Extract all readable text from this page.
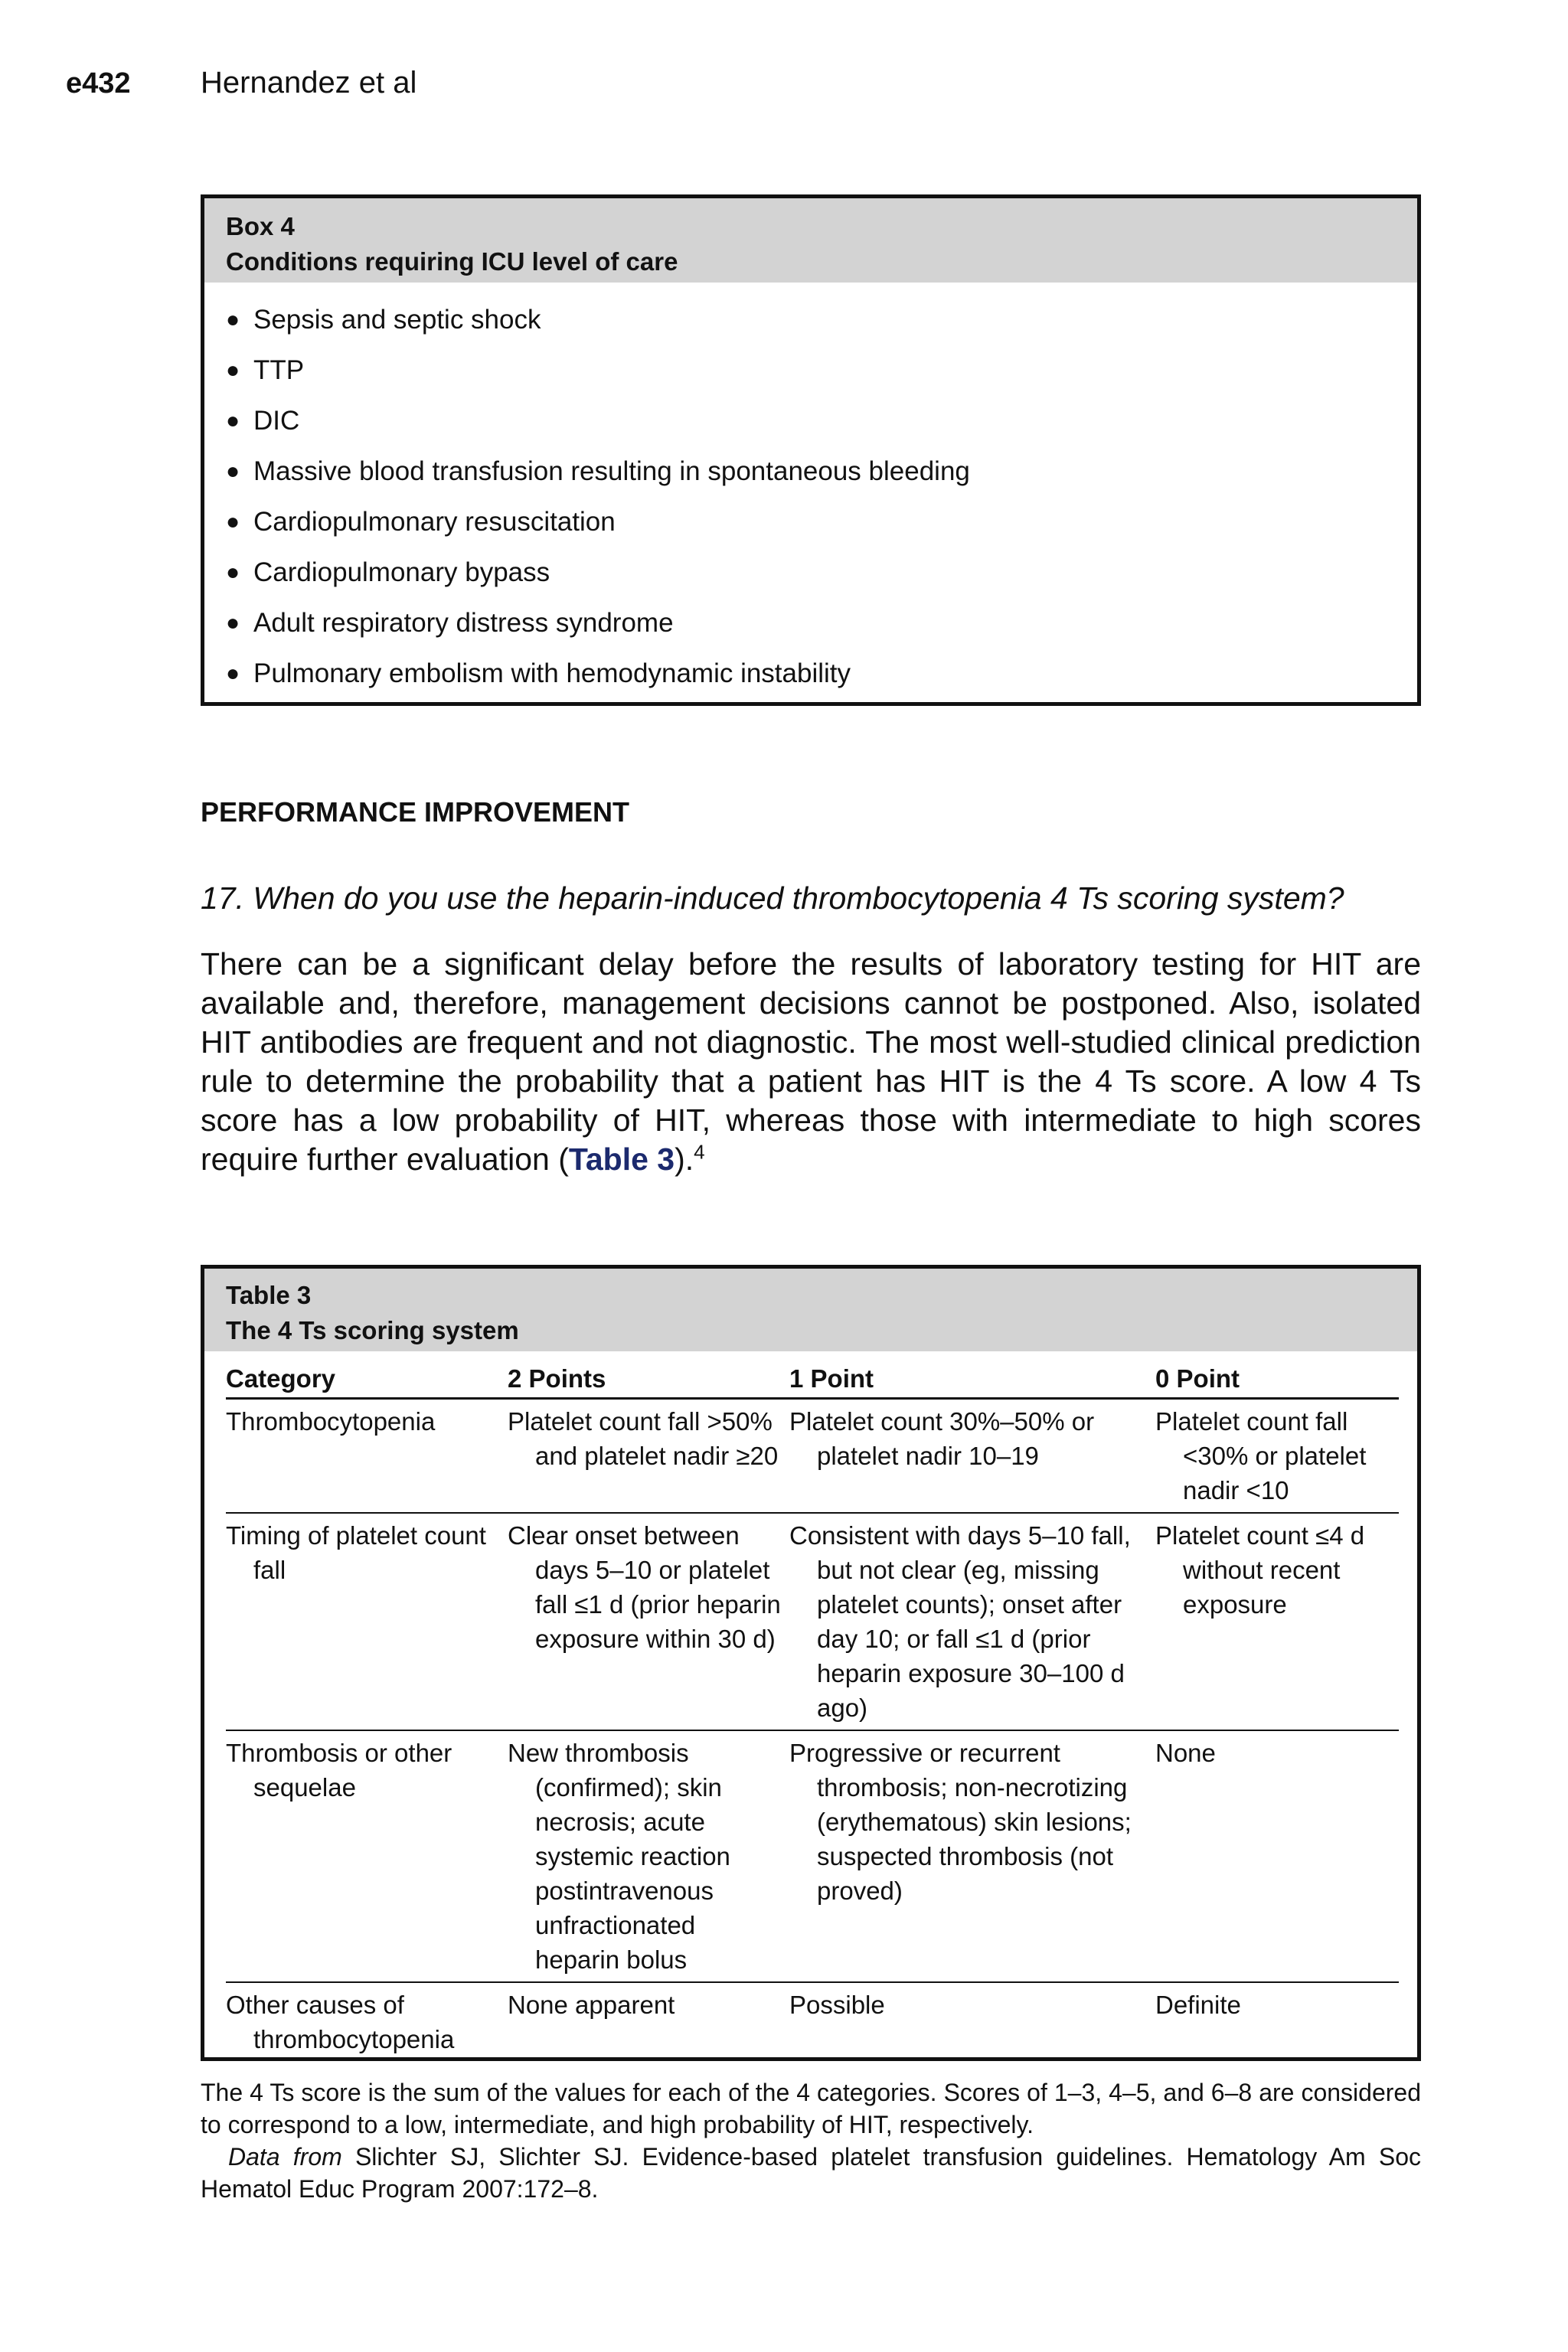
e432	Hernandez et al
Box 4
Conditions requiring ICU level of care
● Sepsis and septic shock
● TTP
● DIC
● Massive blood transfusion resulting in spontaneous bleeding
● Cardiopulmonary resuscitation
● Cardiopulmonary bypass
● Adult respiratory distress syndrome
● Pulmonary embolism with hemodynamic instability
PERFORMANCE IMPROVEMENT
17. When do you use the heparin-induced thrombocytopenia 4 Ts scoring system?

There can be a significant delay before the results of laboratory testing for HIT are available and, therefore, management decisions cannot be postponed. Also, isolated HIT antibodies are frequent and not diagnostic. The most well-studied clinical prediction rule to determine the probability that a patient has HIT is the 4 Ts score. A low 4 Ts score has a low probability of HIT, whereas those with intermediate to high scores require further evaluation (Table 3).$^4$

Table 3
The 4 Ts scoring system
Category	2 Points	1 Point	0 Point

Thrombocytopenia	Platelet count fall >50% and platelet nadir ≥20	Platelet count 30%–50% or platelet nadir 10–19	Platelet count fall <30% or platelet nadir <10

Timing of platelet count fall	Clear onset between days 5–10 or platelet fall ≤1 d (prior heparin exposure within 30 d)	Consistent with days 5–10 fall, but not clear (eg, missing platelet counts); onset after day 10; or fall ≤1 d (prior heparin exposure 30–100 d ago)	Platelet count ≤4 d without recent exposure

Thrombosis or other sequelae	New thrombosis (confirmed); skin necrosis; acute systemic reaction postintravenous unfractionated heparin bolus	Progressive or recurrent thrombosis; non-necrotizing (erythematous) skin lesions; suspected thrombosis (not proved)	None

Other causes of thrombocytopenia	None apparent	Possible	Definite

The 4 Ts score is the sum of the values for each of the 4 categories. Scores of 1–3, 4–5, and 6–8 are considered to correspond to a low, intermediate, and high probability of HIT, respectively.

Data from Slichter SJ, Slichter SJ. Evidence-based platelet transfusion guidelines. Hematology Am Soc Hematol Educ Program 2007:172–8.
